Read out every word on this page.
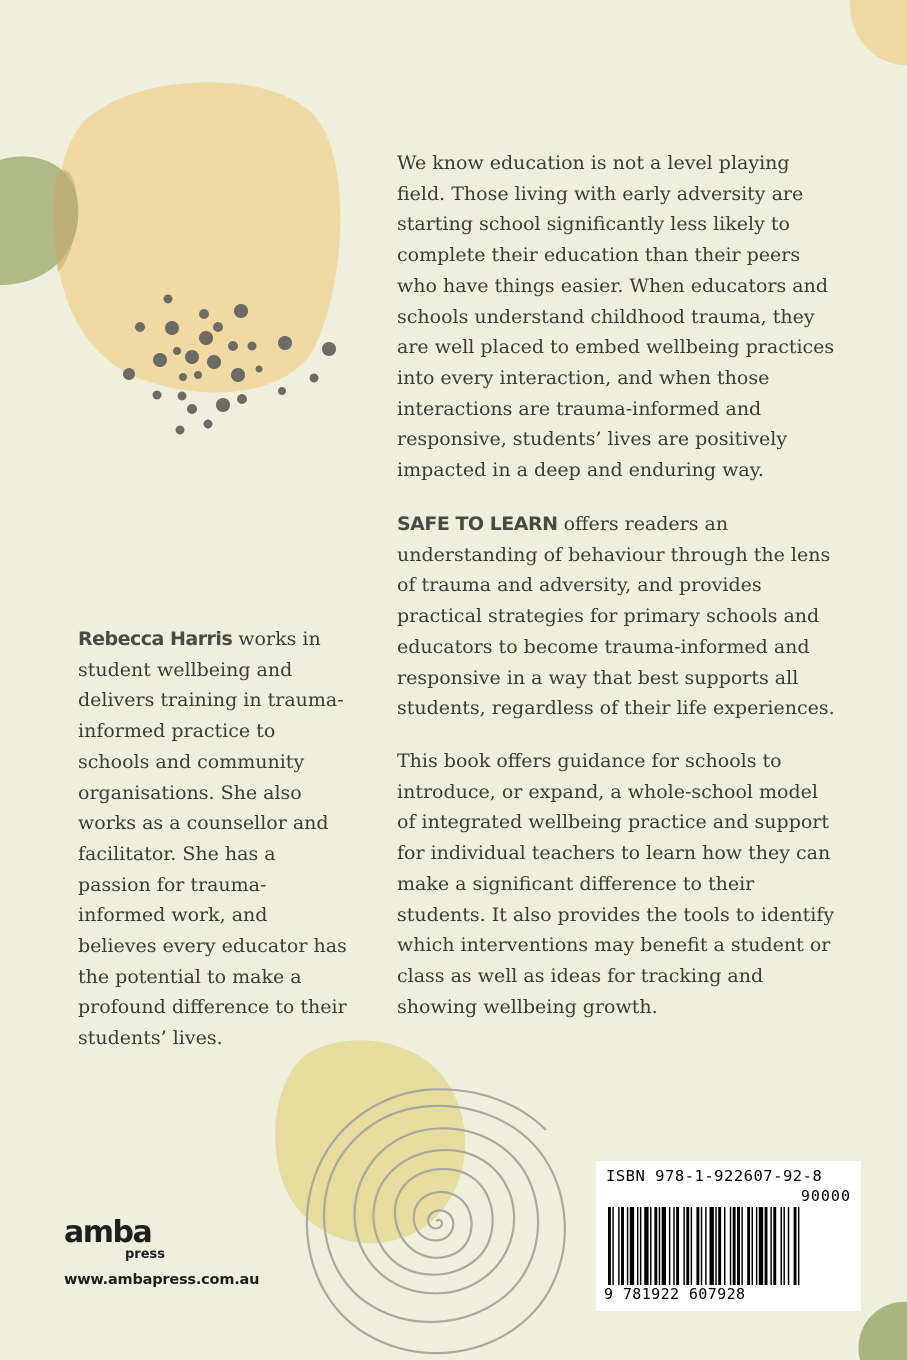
We know education is not a level playing field. Those living with early adversity are starting school significantly less likely to complete their education than their peers who have things easier. When educators and schools understand childhood trauma, they are well placed to embed wellbeing practices into every interaction, and when those interactions are trauma-informed and responsive, students’ lives are positively impacted in a deep and enduring way.

SAFE TO LEARN offers readers an understanding of behaviour through the lens of trauma and adversity, and provides practical strategies for primary schools and educators to become trauma-informed and responsive in a way that best supports all students, regardless of their life experiences.

This book offers guidance for schools to introduce, or expand, a whole-school model of integrated wellbeing practice and support for individual teachers to learn how they can make a significant difference to their students. It also provides the tools to identify which interventions may benefit a student or class as well as ideas for tracking and showing wellbeing growth.

Rebecca Harris works in student wellbeing and delivers training in trauma-informed practice to schools and community organisations. She also works as a counsellor and facilitator. She has a passion for trauma-informed work, and believes every educator has the potential to make a profound difference to their students’ lives.

amba
press
www.ambapress.com.au
ISBN 978-1-922607-92-8
90000
9 781922 607928
